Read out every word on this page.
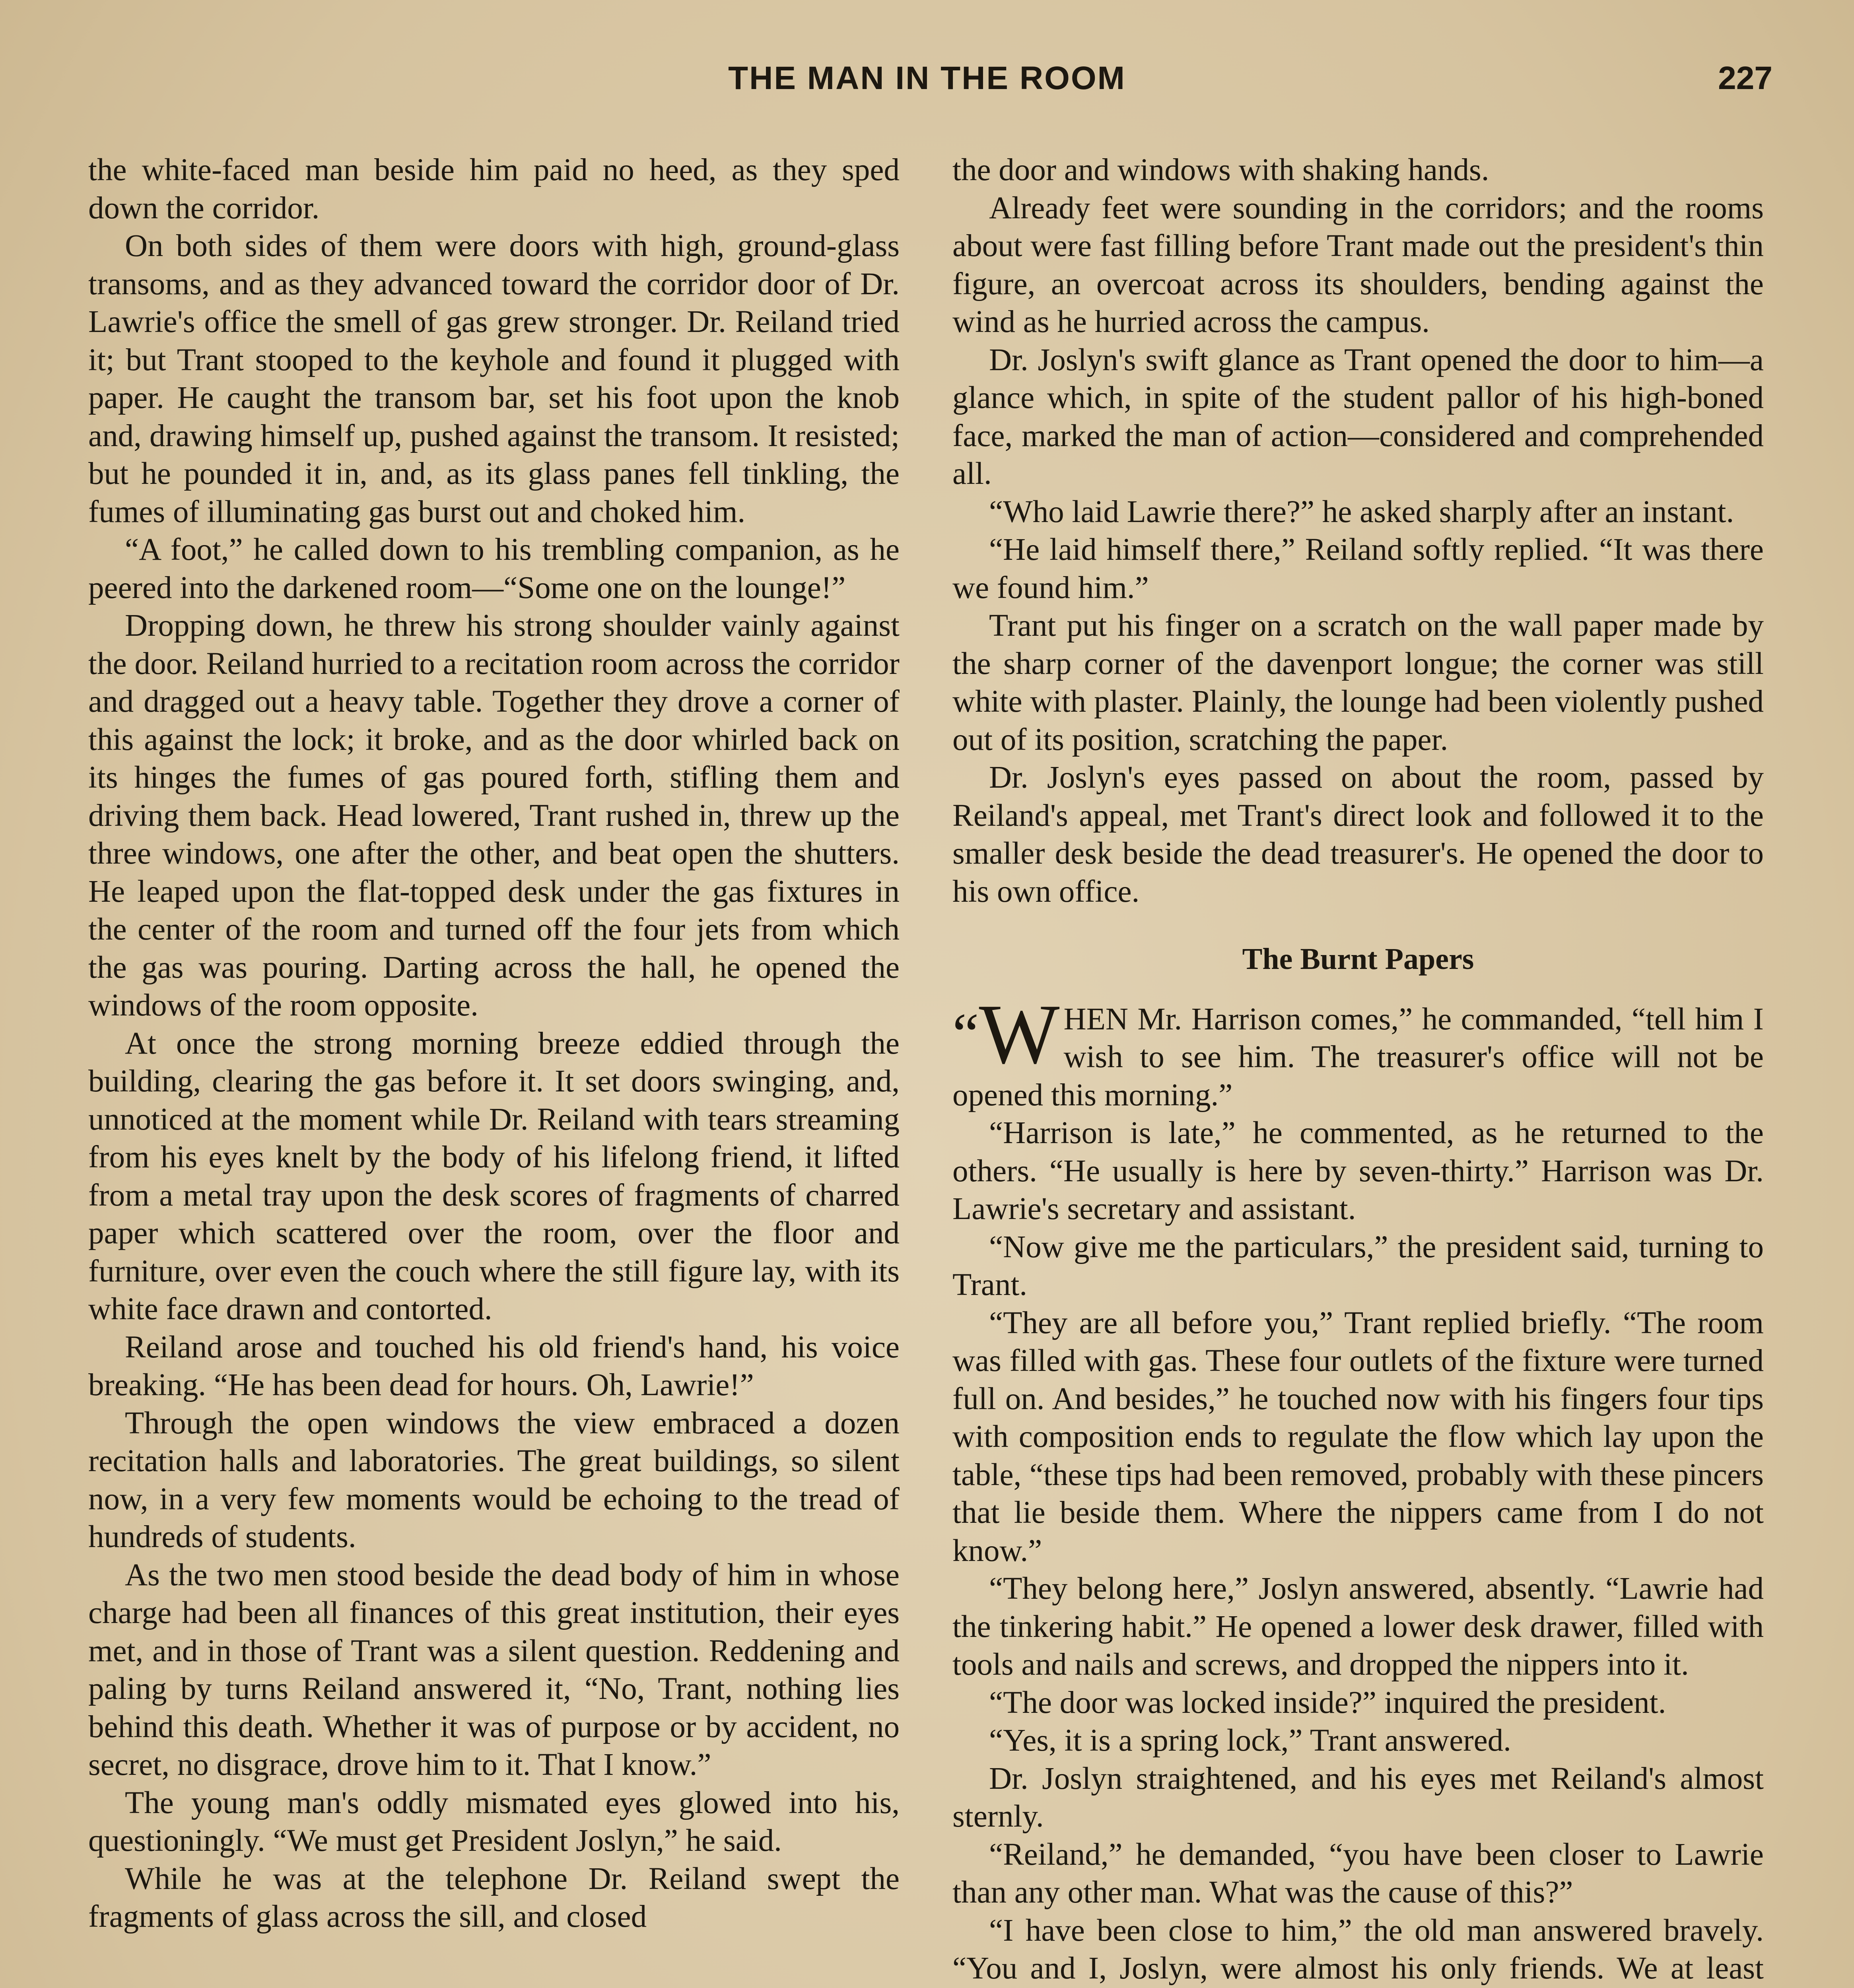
THE MAN IN THE ROOM	227

the white-faced man beside him paid no heed, as they sped down the corridor.

On both sides of them were doors with high, ground-glass transoms, and as they advanced toward the corridor door of Dr. Lawrie's office the smell of gas grew stronger. Dr. Reiland tried it; but Trant stooped to the keyhole and found it plugged with paper. He caught the transom bar, set his foot upon the knob and, drawing himself up, pushed against the transom. It resisted; but he pounded it in, and, as its glass panes fell tinkling, the fumes of illuminating gas burst out and choked him.

“A foot,” he called down to his trembling companion, as he peered into the darkened room—“Some one on the lounge!”

Dropping down, he threw his strong shoulder vainly against the door. Reiland hurried to a recitation room across the corridor and dragged out a heavy table. Together they drove a corner of this against the lock; it broke, and as the door whirled back on its hinges the fumes of gas poured forth, stifling them and driving them back. Head lowered, Trant rushed in, threw up the three windows, one after the other, and beat open the shutters. He leaped upon the flat-topped desk under the gas fixtures in the center of the room and turned off the four jets from which the gas was pouring. Darting across the hall, he opened the windows of the room opposite.

At once the strong morning breeze eddied through the building, clearing the gas before it. It set doors swinging, and, unnoticed at the moment while Dr. Reiland with tears streaming from his eyes knelt by the body of his lifelong friend, it lifted from a metal tray upon the desk scores of fragments of charred paper which scattered over the room, over the floor and furniture, over even the couch where the still figure lay, with its white face drawn and contorted.

Reiland arose and touched his old friend's hand, his voice breaking. “He has been dead for hours. Oh, Lawrie!”

Through the open windows the view embraced a dozen recitation halls and laboratories. The great buildings, so silent now, in a very few moments would be echoing to the tread of hundreds of students.

As the two men stood beside the dead body of him in whose charge had been all finances of this great institution, their eyes met, and in those of Trant was a silent question. Reddening and paling by turns Reiland answered it, “No, Trant, nothing lies behind this death. Whether it was of purpose or by accident, no secret, no disgrace, drove him to it. That I know.”

The young man's oddly mismated eyes glowed into his, questioningly. “We must get President Joslyn,” he said.

While he was at the telephone Dr. Reiland swept the fragments of glass across the sill, and closed

the door and windows with shaking hands.

Already feet were sounding in the corridors; and the rooms about were fast filling before Trant made out the president's thin figure, an overcoat across its shoulders, bending against the wind as he hurried across the campus.

Dr. Joslyn's swift glance as Trant opened the door to him—a glance which, in spite of the student pallor of his high-boned face, marked the man of action—considered and comprehended all.

“Who laid Lawrie there?” he asked sharply after an instant.

“He laid himself there,” Reiland softly replied. “It was there we found him.”

Trant put his finger on a scratch on the wall paper made by the sharp corner of the davenport longue; the corner was still white with plaster. Plainly, the lounge had been violently pushed out of its position, scratching the paper.

Dr. Joslyn's eyes passed on about the room, passed by Reiland's appeal, met Trant's direct look and followed it to the smaller desk beside the dead treasurer's. He opened the door to his own office.

The Burnt Papers

“W HEN Mr. Harrison comes,” he commanded, “tell him I wish to see him. The treasurer's office will not be opened this morning.”

“Harrison is late,” he commented, as he returned to the others. “He usually is here by seven-thirty.” Harrison was Dr. Lawrie's secretary and assistant.

“Now give me the particulars,” the president said, turning to Trant.

“They are all before you,” Trant replied briefly. “The room was filled with gas. These four outlets of the fixture were turned full on. And besides,” he touched now with his fingers four tips with composition ends to regulate the flow which lay upon the table, “these tips had been removed, probably with these pincers that lie beside them. Where the nippers came from I do not know.”

“They belong here,” Joslyn answered, absently. “Lawrie had the tinkering habit.” He opened a lower desk drawer, filled with tools and nails and screws, and dropped the nippers into it.

“The door was locked inside?” inquired the president.

“Yes, it is a spring lock,” Trant answered.

Dr. Joslyn straightened, and his eyes met Reiland's almost sternly.

“Reiland,” he demanded, “you have been closer to Lawrie than any other man. What was the cause of this?”

“I have been close to him,” the old man answered bravely. “You and I, Joslyn, were almost his only friends. We at least
